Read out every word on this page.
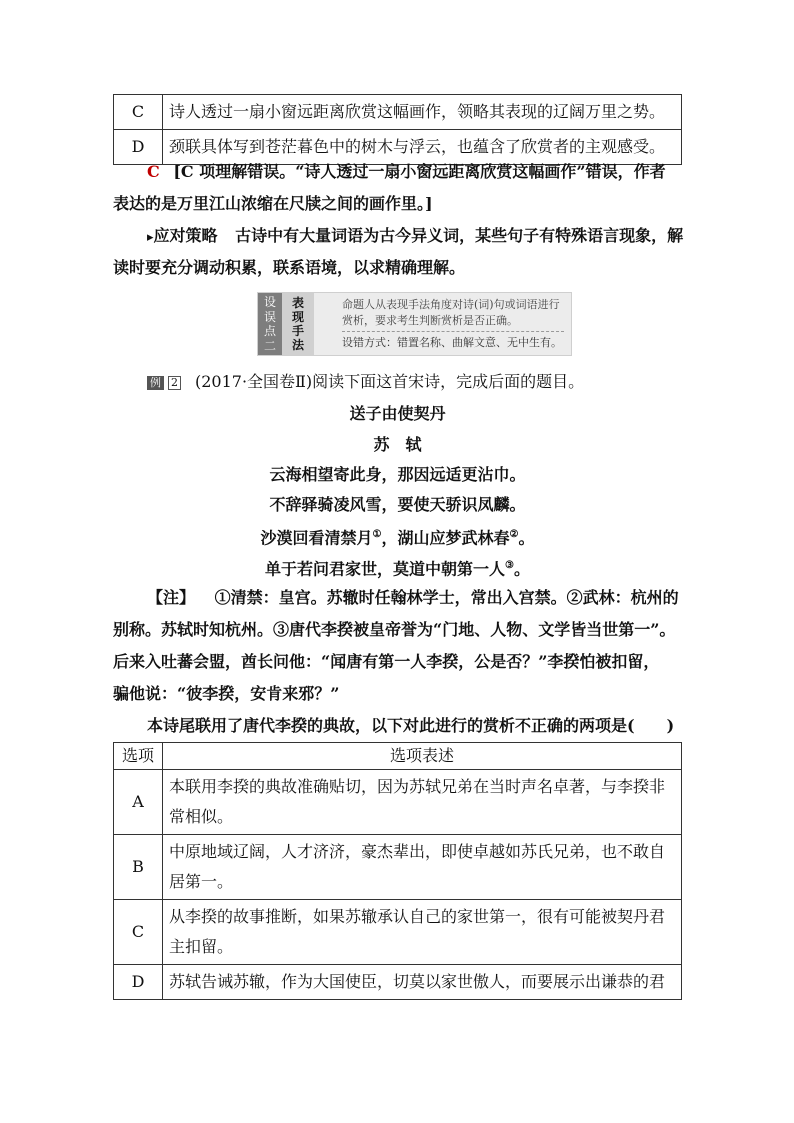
C	诗人透过一扇小窗远距离欣赏这幅画作，领略其表现的辽阔万里之势。
D	颈联具体写到苍茫暮色中的树木与浮云，也蕴含了欣赏者的主观感受。
C [C 项理解错误。“诗人透过一扇小窗远距离欣赏这幅画作”错误，作者
表达的是万里江山浓缩在尺牍之间的画作里。]
▸应对策略 古诗中有大量词语为古今异义词，某些句子有特殊语言现象，解
读时要充分调动积累，联系语境，以求精确理解。
设误点二
表现手法
命题人从表现手法角度对诗(词)句或词语进行
赏析，要求考生判断赏析是否正确。
设错方式：错置名称、曲解文意、无中生有。
例 2 (2017·全国卷Ⅱ)阅读下面这首宋诗，完成后面的题目。
送子由使契丹
苏　轼
云海相望寄此身，那因远适更沾巾。
不辞驿骑凌风雪，要使天骄识凤麟。
沙漠回看清禁月①，湖山应梦武林春②。
单于若问君家世，莫道中朝第一人③。
【注】 ①清禁：皇宫。苏辙时任翰林学士，常出入宫禁。②武林：杭州的
别称。苏轼时知杭州。③唐代李揆被皇帝誉为“门地、人物、文学皆当世第一”。
后来入吐蕃会盟，酋长问他：“闻唐有第一人李揆，公是否？”李揆怕被扣留，
骗他说：“彼李揆，安肯来邪？”
本诗尾联用了唐代李揆的典故，以下对此进行的赏析不正确的两项是(　　)
选项	选项表述
A	本联用李揆的典故准确贴切，因为苏轼兄弟在当时声名卓著，与李揆非
常相似。

B	中原地域辽阔，人才济济，豪杰辈出，即使卓越如苏氏兄弟，也不敢自
居第一。

C	从李揆的故事推断，如果苏辙承认自己的家世第一，很有可能被契丹君
主扣留。

D	苏轼告诫苏辙，作为大国使臣，切莫以家世傲人，而要展示出谦恭的君
